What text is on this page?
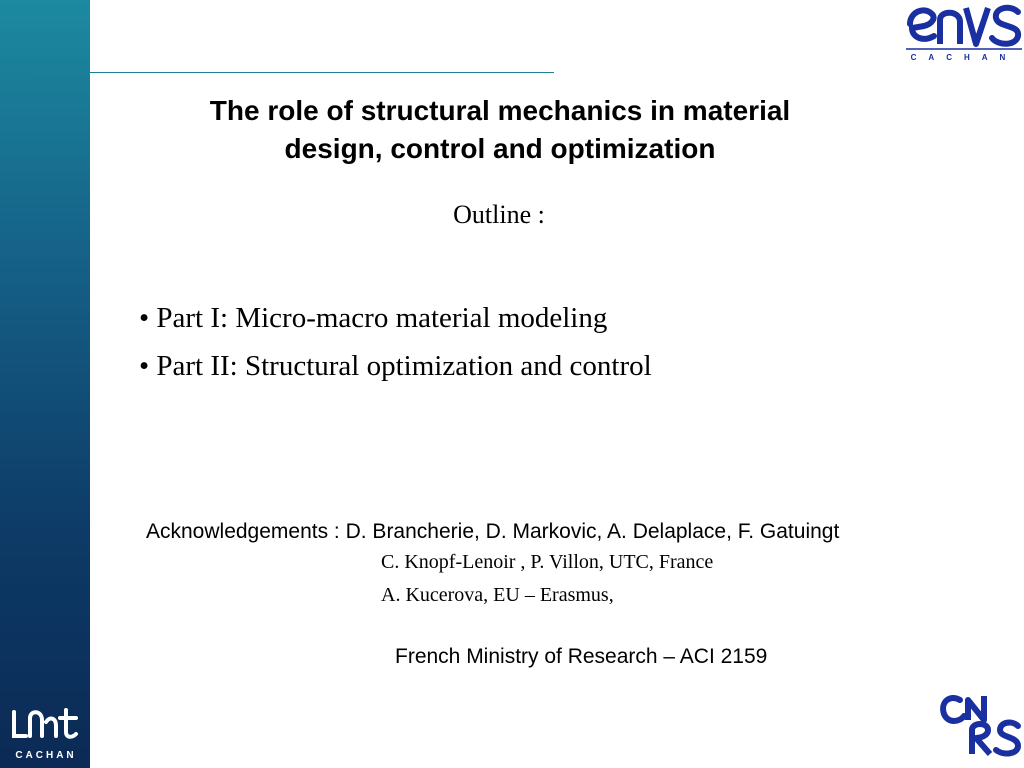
CACHAN
The role of structural mechanics in material
design, control and optimization
Outline :
• Part I: Micro-macro material modeling
• Part II: Structural optimization and control
Acknowledgements : D. Brancherie, D. Markovic, A. Delaplace, F. Gatuingt
C. Knopf-Lenoir , P. Villon, UTC, France
A. Kucerova, EU – Erasmus,
French Ministry of Research – ACI 2159
CACHAN
